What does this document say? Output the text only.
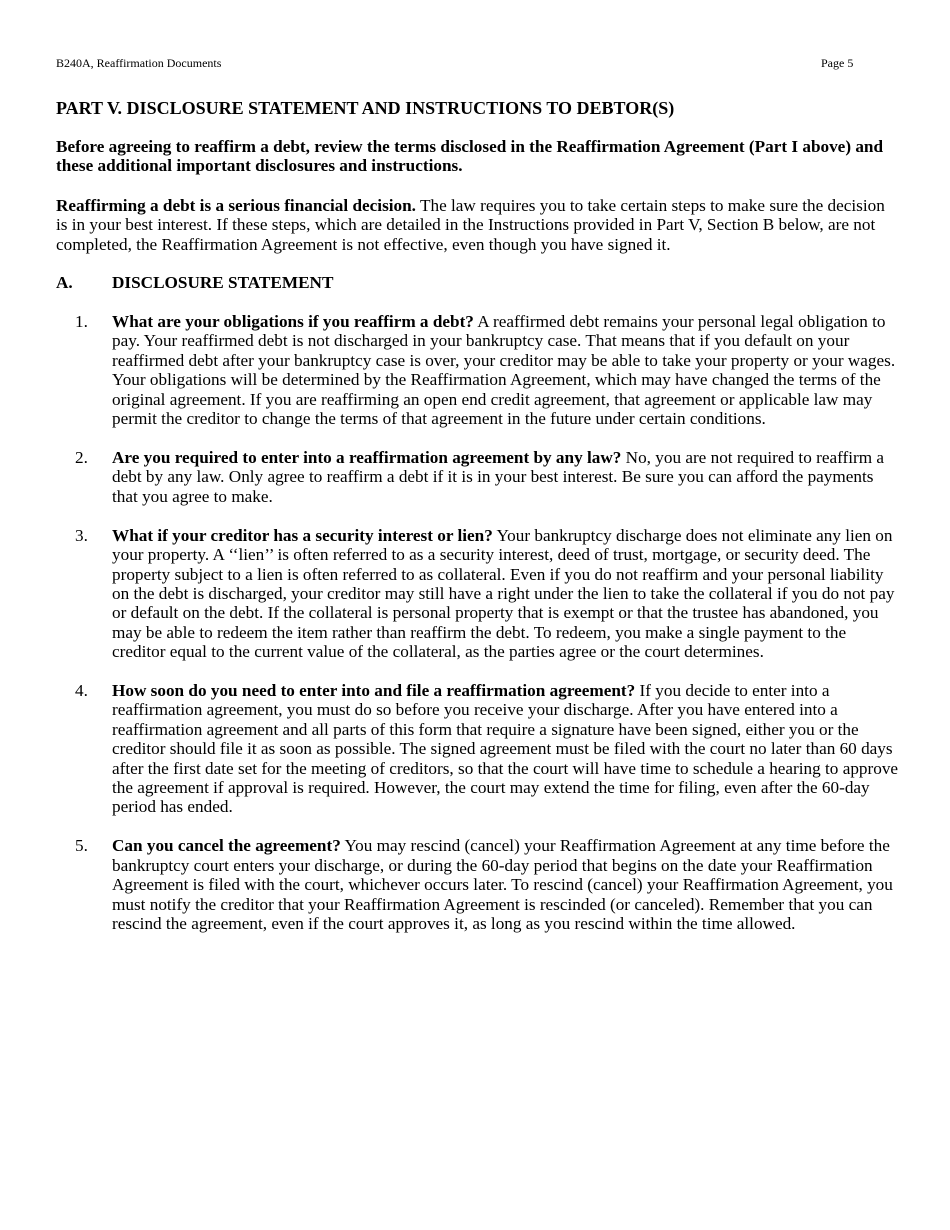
B240A, Reaffirmation Documents	Page 5
PART V. DISCLOSURE STATEMENT AND INSTRUCTIONS TO DEBTOR(S)
Before agreeing to reaffirm a debt, review the terms disclosed in the Reaffirmation Agreement (Part I above) and these additional important disclosures and instructions.
Reaffirming a debt is a serious financial decision. The law requires you to take certain steps to make sure the decision is in your best interest. If these steps, which are detailed in the Instructions provided in Part V, Section B below, are not completed, the Reaffirmation Agreement is not effective, even though you have signed it.
A. DISCLOSURE STATEMENT
1. What are your obligations if you reaffirm a debt? A reaffirmed debt remains your personal legal obligation to pay. Your reaffirmed debt is not discharged in your bankruptcy case. That means that if you default on your reaffirmed debt after your bankruptcy case is over, your creditor may be able to take your property or your wages. Your obligations will be determined by the Reaffirmation Agreement, which may have changed the terms of the original agreement. If you are reaffirming an open end credit agreement, that agreement or applicable law may permit the creditor to change the terms of that agreement in the future under certain conditions.
2. Are you required to enter into a reaffirmation agreement by any law? No, you are not required to reaffirm a debt by any law. Only agree to reaffirm a debt if it is in your best interest. Be sure you can afford the payments that you agree to make.
3. What if your creditor has a security interest or lien? Your bankruptcy discharge does not eliminate any lien on your property. A ‘‘lien’’ is often referred to as a security interest, deed of trust, mortgage, or security deed. The property subject to a lien is often referred to as collateral. Even if you do not reaffirm and your personal liability on the debt is discharged, your creditor may still have a right under the lien to take the collateral if you do not pay or default on the debt. If the collateral is personal property that is exempt or that the trustee has abandoned, you may be able to redeem the item rather than reaffirm the debt. To redeem, you make a single payment to the creditor equal to the current value of the collateral, as the parties agree or the court determines.
4. How soon do you need to enter into and file a reaffirmation agreement? If you decide to enter into a reaffirmation agreement, you must do so before you receive your discharge. After you have entered into a reaffirmation agreement and all parts of this form that require a signature have been signed, either you or the creditor should file it as soon as possible. The signed agreement must be filed with the court no later than 60 days after the first date set for the meeting of creditors, so that the court will have time to schedule a hearing to approve the agreement if approval is required. However, the court may extend the time for filing, even after the 60-day period has ended.
5. Can you cancel the agreement? You may rescind (cancel) your Reaffirmation Agreement at any time before the bankruptcy court enters your discharge, or during the 60-day period that begins on the date your Reaffirmation Agreement is filed with the court, whichever occurs later. To rescind (cancel) your Reaffirmation Agreement, you must notify the creditor that your Reaffirmation Agreement is rescinded (or canceled). Remember that you can rescind the agreement, even if the court approves it, as long as you rescind within the time allowed.
